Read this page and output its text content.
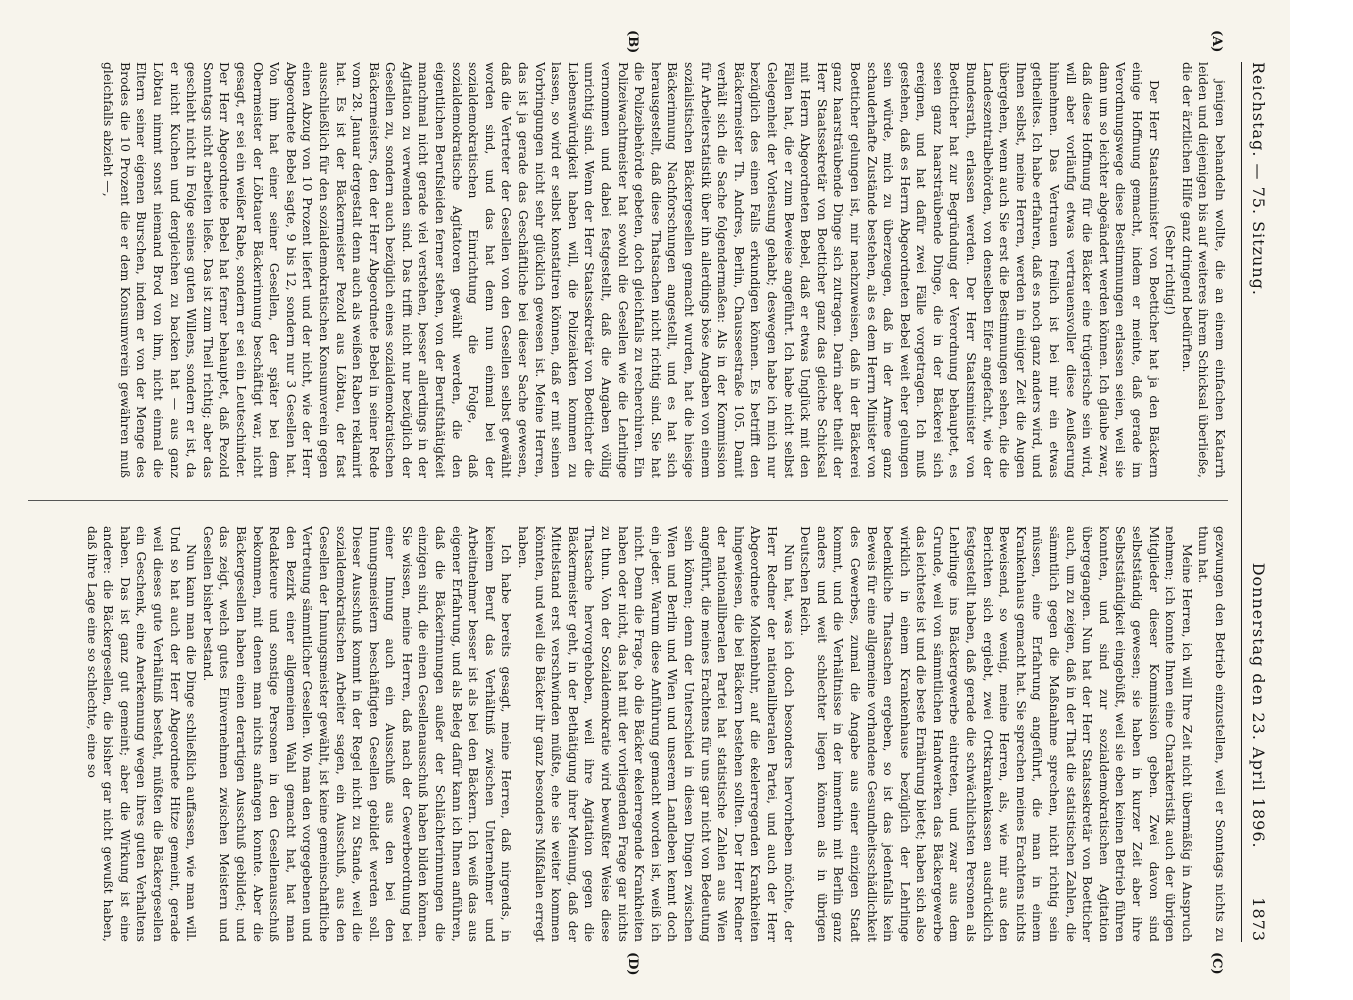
Reichstag. — 75. Sitzung.
Donnerstag den 23. April 1896.        1873
(A)
(B)
(C)
(D)

jenigen behandeln wollte, die an einem einfachen Katarrh leiden und diejenigen bis auf weiteres ihrem Schicksal überließe, die der ärztlichen Hilfe ganz dringend bedürften.

(Sehr richtig!)

Der Herr Staatsminister von Boetticher hat ja den Bäckern einige Hoffnung gemacht, indem er meinte, daß gerade im Verordnungswege diese Bestimmungen erlassen seien, weil sie dann um so leichter abgeändert werden können. Ich glaube zwar, daß diese Hoffnung für die Bäcker eine trügerische sein wird, will aber vorläufig etwas vertrauensvoller diese Aeußerung hinnehmen. Das Vertrauen freilich ist bei mir ein etwas getheiltes. Ich habe erfahren, daß es noch ganz anders wird, und Ihnen selbst, meine Herren, werden in einiger Zeit die Augen übergehen, wenn auch Sie erst die Bestimmungen sehen, die die Landeszentralbehörden, von denselben Eifer angefacht, wie der Bundesrath, erlassen werden. Der Herr Staatsminister von Boetticher hat zur Begründung der Verordnung behauptet, es seien ganz haarsträubende Dinge, die in der Bäckerei sich ereignen, und hat dafür zwei Fälle vorgetragen. Ich muß gestehen, daß es Herrn Abgeordneten Bebel weit eher gelungen sein würde, mich zu überzeugen, daß in der Armee ganz schauderhafte Zustände bestehen, als es dem Herrn Minister von Boetticher gelungen ist, mir nachzuweisen, daß in der Bäckerei ganz haarsträubende Dinge sich zutragen. Darin aber theilt der Herr Staatssekretär von Boetticher ganz das gleiche Schicksal mit Herrn Abgeordneten Bebel, daß er etwas Unglück mit den Fällen hat, die er zum Beweise angeführt. Ich habe nicht selbst Gelegenheit der Vorlesung gehabt; deswegen habe ich mich nur bezüglich des einen Falls erkundigen können. Es betrifft den Bäckermeister Th. Andres, Berlin, Chausseestraße 105. Damit verhält sich die Sache folgendermaßen: Als in der Kommission für Arbeiterstatistik über ihn allerdings böse Angaben von einem sozialistischen Bäckergesellen gemacht wurden, hat die hiesige Bäckerinnung Nachforschungen angestellt, und es hat sich herausgestellt, daß diese Thatsachen nicht richtig sind. Sie hat die Polizeibehörde gebeten, doch gleichfalls zu recherchiren. Ein Polizeiwachtmeister hat sowohl die Gesellen wie die Lehrlinge vernommen und dabei festgestellt, daß die Angaben völlig unrichtig sind. Wenn der Herr Staatssekretär von Boetticher die Liebenswürdigkeit haben will, die Polizeiakten kommen zu lassen, so wird er selbst konstatiren können, daß er mit seinen Vorbringungen nicht sehr glücklich gewesen ist. Meine Herren, das ist ja gerade das Geschäftliche bei dieser Sache gewesen, daß die Vertreter der Gesellen von den Gesellen selbst gewählt worden sind, und das hat denn nun einmal bei der sozialdemokratischen Einrichtung die Folge, daß sozialdemokratische Agitatoren gewählt werden, die den eigentlichen Berufsleiden ferner stehen, von der Berufsthätigkeit manchmal nicht gerade viel verstehen, besser allerdings in der Agitation zu verwenden sind. Das trifft nicht nur bezüglich der Gesellen zu, sondern auch bezüglich eines sozialdemokratischen Bäckermeisters, den der Herr Abgeordnete Bebel in seiner Rede vom 28. Januar dergestalt denn auch als weißen Raben reklamirt hat. Es ist der Bäckermeister Pezold aus Löbtau, der fast ausschließlich für den sozialdemokratischen Konsumverein gegen einen Abzug von 10 Prozent liefert und der nicht, wie der Herr Abgeordnete Bebel sagte, 9 bis 12, sondern nur 3 Gesellen hat. Von ihm hat einer seiner Gesellen, der später bei dem Obermeister der Löbtauer Bäckerinnung beschäftigt war, nicht gesagt, er sei ein weißer Rabe, sondern er sei ein Leuteschinder. Der Herr Abgeordnete Bebel hat ferner behauptet, daß Pezold Sonntags nicht arbeiten ließe. Das ist zum Theil richtig; aber das geschieht nicht in Folge seines guten Willens, sondern er ist, da er nicht Kuchen und dergleichen zu backen hat — aus ganz Löbtau nimmt sonst niemand Brod von ihm, nicht einmal die Eltern seiner eigenen Burschen, indem er von der Menge des Brodes die 10 Prozent die er dem Konsumverein gewähren muß gleichfalls abzieht —,

gezwungen den Betrieb einzustellen, weil er Sonntags nichts zu thun hat.

Meine Herren, ich will Ihre Zeit nicht übermäßig in Anspruch nehmen; ich konnte Ihnen eine Charakteristik auch der übrigen Mitglieder dieser Kommission geben. Zwei davon sind selbstständig gewesen; sie haben in kurzer Zeit aber ihre Selbstständigkeit eingebüßt, weil sie eben keinen Betrieb führen konnten, und sind zur sozialdemokratischen Agitation übergegangen. Nun hat der Herr Staatssekretär von Boetticher auch, um zu zeigen, daß in der That die statistischen Zahlen, die sämmtlich gegen die Maßnahme sprechen, nicht richtig sein müssen, eine Erfahrung angeführt, die man in einem Krankenhaus gemacht hat. Sie sprechen meines Erachtens nichts Beweisend, so wenig, meine Herren, als, wie mir aus den Berichten sich ergiebt, zwei Ortskrankenkassen ausdrücklich festgestellt haben, daß gerade die schwächlichsten Personen als Lehrlinge ins Bäckergewerbe eintreten, und zwar aus dem Grunde, weil von sämmtlichen Handwerken das Bäckergewerbe das leichteste ist und die beste Ernährung bietet; haben sich also wirklich in einem Krankenhause bezüglich der Lehrlinge bedenkliche Thatsachen ergeben, so ist das jedenfalls kein Beweis für eine allgemeine vorhandene Gesundheitsschädlichkeit des Gewerbes, zumal die Angabe aus einer einzigen Stadt kommt, und die Verhältnisse in der immerhin mit Berlin ganz anders und weit schlechter liegen können als in übrigen Deutschen Reich.

Nun hat, was ich doch besonders hervorheben möchte, der Herr Redner der nationalliberalen Partei, und auch der Herr Abgeordnete Molkenbuhr, auf die ekelerregenden Krankheiten hingewiesen, die bei Bäckern bestehen sollten. Der Herr Redner der nationalliberalen Partei hat statistische Zahlen aus Wien angeführt, die meines Erachtens für uns gar nicht von Bedeutung sein können; denn der Unterschied in diesen Dingen zwischen Wien und Berlin und Wien und unserem Landleben kennt doch ein jeder. Warum diese Anführung gemacht worden ist, weiß ich nicht. Denn die Frage, ob die Bäcker ekelerregende Krankheiten haben oder nicht, das hat mit der vorliegenden Frage gar nichts zu thun. Von der Sozialdemokratie wird bewußter Weise diese Thatsache hervorgehoben, weil ihre Agitation gegen die Bäckermeister geht, in der Bethätigung ihrer Meinung, daß der Mittelstand erst verschwinden müßte, ehe sie weiter kommen könnten, und weil die Bäcker ihr ganz besonders Mißfallen erregt haben.

Ich habe bereits gesagt, meine Herren, daß nirgends, in keinem Beruf das Verhältniß zwischen Unternehmer und Arbeitnehmer besser ist als bei den Bäckern. Ich weiß das aus eigener Erfahrung, und als Beleg dafür kann ich Ihnen anführen, daß die Bäckerinnungen außer der Schlächterinnungen die einzigen sind, die einen Gesellenausschuß haben bilden können. Sie wissen, meine Herren, daß nach der Gewerbeordnung bei einer Innung auch ein Ausschuß aus den bei den Innungsmeistern beschäftigten Gesellen gebildet werden soll. Dieser Ausschuß kommt in der Regel nicht zu Stande, weil die sozialdemokratischen Arbeiter sagen, ein Ausschuß, aus den Gesellen der Innungsmeister gewählt, ist keine gemeinschaftliche Vertretung sämmtlicher Gesellen. Wo man den vorgegebenen und den Bezirk einer allgemeinen Wahl gemacht hat, hat man Redakteure und sonstige Personen in den Gesellenausschuß bekommen, mit denen man nichts anfangen konnte. Aber die Bäckergesellen haben einen derartigen Ausschuß gebildet; und das zeigt, welch gutes Einvernehmen zwischen Meistern und Gesellen bisher bestand.

Nun kann man die Dinge schließlich auffassen, wie man will. Und so hat auch der Herr Abgeordnete Hitze gemeint, gerade weil dieses gute Verhältniß besteht, müßten die Bäckergesellen ein Geschenk, eine Anerkennung wegen ihres guten Verhaltens haben. Das ist ganz gut gemeint; aber die Wirkung ist eine andere: die Bäckergesellen, die bisher gar nicht gewußt haben, daß ihre Lage eine so schlechte, eine so
